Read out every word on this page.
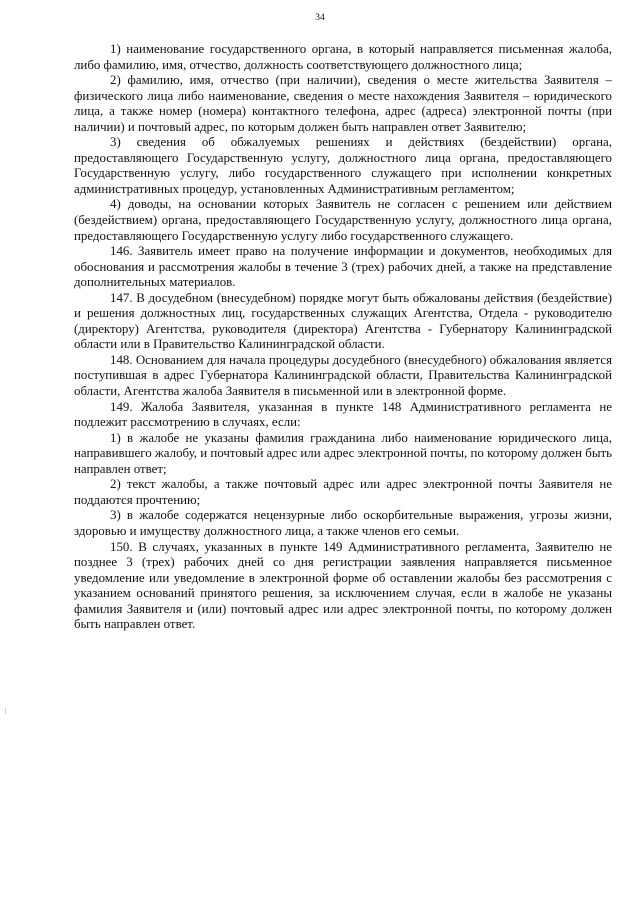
34

1) наименование государственного органа, в который направляется письменная жалоба, либо фамилию, имя, отчество, должность соответствующего должностного лица;

2) фамилию, имя, отчество (при наличии), сведения о месте жительства Заявителя – физического лица либо наименование, сведения о месте нахождения Заявителя – юридического лица, а также номер (номера) контактного телефона, адрес (адреса) электронной почты (при наличии) и почтовый адрес, по которым должен быть направлен ответ Заявителю;

3) сведения об обжалуемых решениях и действиях (бездействии) органа, предоставляющего Государственную услугу, должностного лица органа, предоставляющего Государственную услугу, либо государственного служащего при исполнении конкретных административных процедур, установленных Административным регламентом;

4) доводы, на основании которых Заявитель не согласен с решением или действием (бездействием) органа, предоставляющего Государственную услугу, должностного лица органа, предоставляющего Государственную услугу либо государственного служащего.

146. Заявитель имеет право на получение информации и документов, необходимых для обоснования и рассмотрения жалобы в течение 3 (трех) рабочих дней, а также на представление дополнительных материалов.

147. В досудебном (внесудебном) порядке могут быть обжалованы действия (бездействие) и решения должностных лиц, государственных служащих Агентства, Отдела - руководителю (директору) Агентства, руководителя (директора) Агентства - Губернатору Калининградской области или в Правительство Калининградской области.

148. Основанием для начала процедуры досудебного (внесудебного) обжалования является поступившая в адрес Губернатора Калининградской области, Правительства Калининградской области, Агентства жалоба Заявителя в письменной или в электронной форме.

149. Жалоба Заявителя, указанная в пункте 148 Административного регламента не подлежит рассмотрению в случаях, если:

1) в жалобе не указаны фамилия гражданина либо наименование юридического лица, направившего жалобу, и почтовый адрес или адрес электронной почты, по которому должен быть направлен ответ;

2) текст жалобы, а также почтовый адрес или адрес электронной почты Заявителя не поддаются прочтению;

3) в жалобе содержатся нецензурные либо оскорбительные выражения, угрозы жизни, здоровью и имуществу должностного лица, а также членов его семьи.

150. В случаях, указанных в пункте 149 Административного регламента, Заявителю не позднее 3 (трех) рабочих дней со дня регистрации заявления направляется письменное уведомление или уведомление в электронной форме об оставлении жалобы без рассмотрения с указанием оснований принятого решения, за исключением случая, если в жалобе не указаны фамилия Заявителя и (или) почтовый адрес или адрес электронной почты, по которому должен быть направлен ответ.
